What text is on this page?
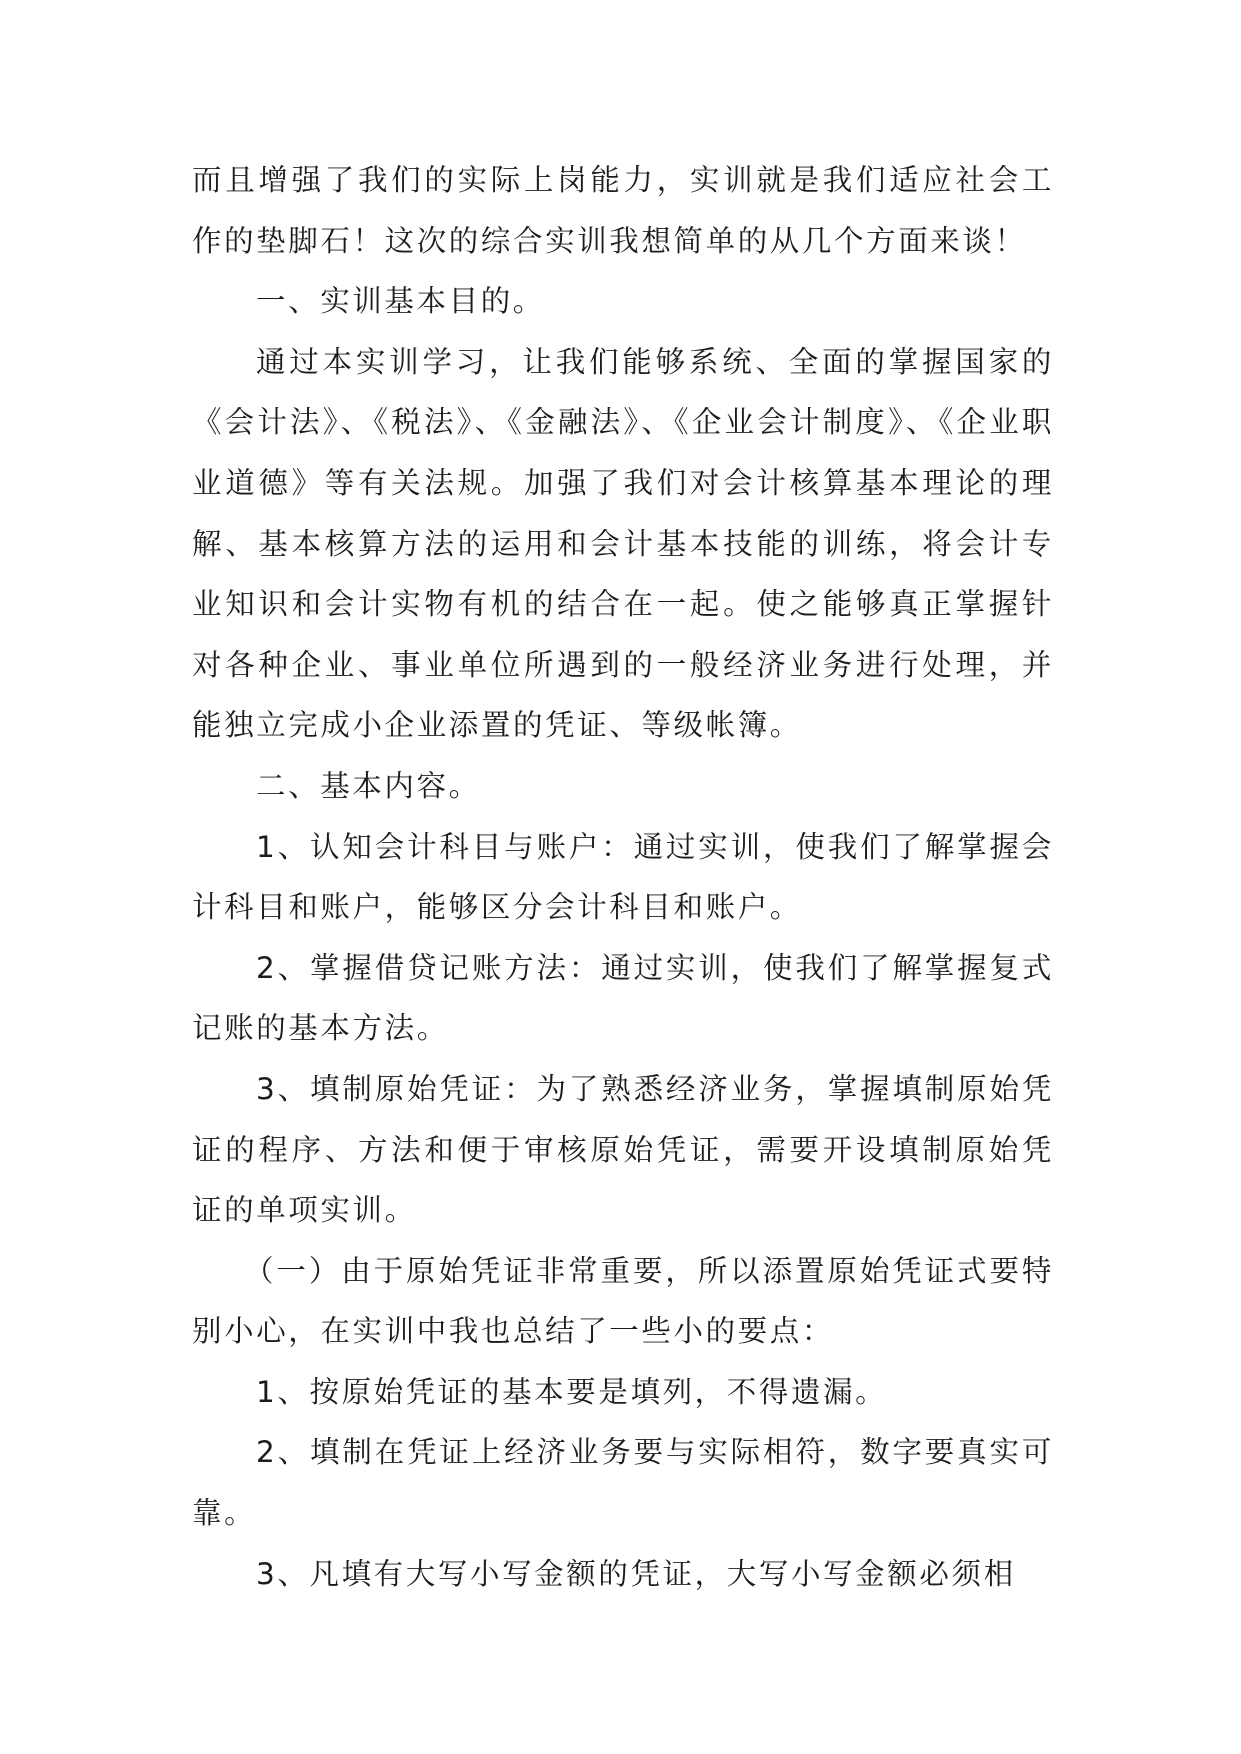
而且增强了我们的实际上岗能力，实训就是我们适应社会工作的垫脚石！这次的综合实训我想简单的从几个方面来谈！

一、实训基本目的。

通过本实训学习，让我们能够系统、全面的掌握国家的《会计法》、《税法》、《金融法》、《企业会计制度》、《企业职业道德》等有关法规。加强了我们对会计核算基本理论的理解、基本核算方法的运用和会计基本技能的训练，将会计专业知识和会计实物有机的结合在一起。使之能够真正掌握针对各种企业、事业单位所遇到的一般经济业务进行处理，并能独立完成小企业添置的凭证、等级帐簿。

二、基本内容。

1、认知会计科目与账户：通过实训，使我们了解掌握会计科目和账户，能够区分会计科目和账户。

2、掌握借贷记账方法：通过实训，使我们了解掌握复式记账的基本方法。

3、填制原始凭证：为了熟悉经济业务，掌握填制原始凭证的程序、方法和便于审核原始凭证，需要开设填制原始凭证的单项实训。

（一）由于原始凭证非常重要，所以添置原始凭证式要特别小心，在实训中我也总结了一些小的要点：

1、按原始凭证的基本要是填列，不得遗漏。

2、填制在凭证上经济业务要与实际相符，数字要真实可靠。

3、凡填有大写小写金额的凭证，大写小写金额必须相
